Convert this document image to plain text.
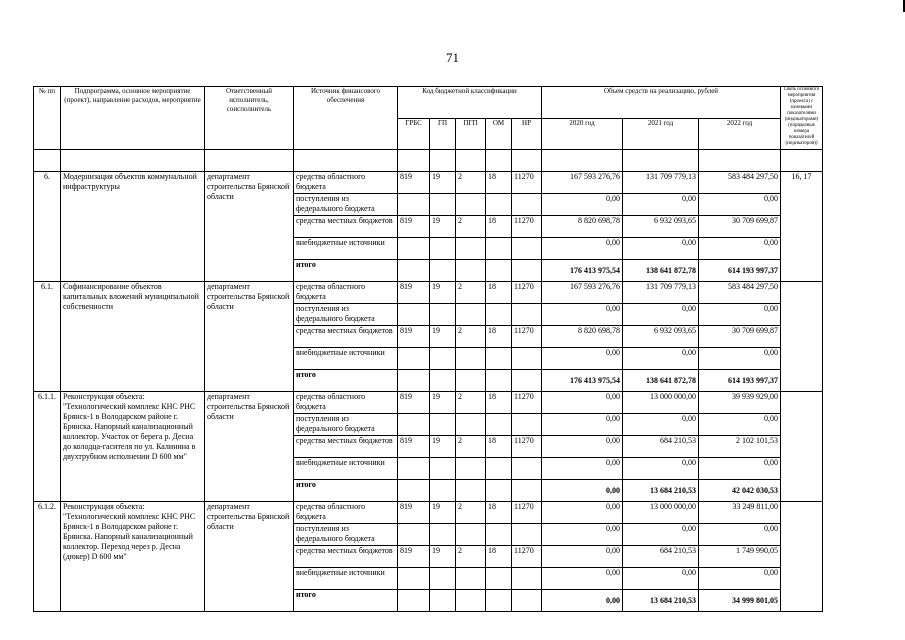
71
№ пп	Подпрограмма, основное мероприятие (проект), направление расходов, мероприятие	Ответственный исполнитель, соисполнитель	Источник финансового обеспечения	Код бюджетной классификации					Объем средств на реализацию, рублей			Связь основного мероприятия (проекта) с целевыми показателями (индикаторами) (порядковые номера показателей (индикаторов))
				ГРБС	ГП	ПГП	ОМ	НР	2020 год	2021 год	2022 год	

6.	Модернизация объектов коммунальной инфраструктуры	департамент строительства Брянской области	средства областного бюджета	819	19	2	18	11270	167 593 276,76	131 709 779,13	583 484 297,50	16, 17
			поступления из федерального бюджета						0,00	0,00	0,00	
			средства местных бюджетов	819	19	2	18	11270	8 820 698,78	6 932 093,65	30 709 699,87	
			внебюджетные источники						0,00	0,00	0,00	
			итого						176 413 975,54	138 641 872,78	614 193 997,37	
6.1.	Софинансирование объектов капитальных вложений муниципальной собственности	департамент строительства Брянской области	средства областного бюджета	819	19	2	18	11270	167 593 276,76	131 709 779,13	583 484 297,50	
			поступления из федерального бюджета						0,00	0,00	0,00	
			средства местных бюджетов	819	19	2	18	11270	8 820 698,78	6 932 093,65	30 709 699,87	
			внебюджетные источники						0,00	0,00	0,00	
			итого						176 413 975,54	138 641 872,78	614 193 997,37	
6.1.1.	Реконструкция объекта: "Технологический комплекс КНС РНС Брянск-1 в Володарском районе г. Брянска. Напорный канализационный коллектор. Участок от берега р. Десна до колодца-гасителя по ул. Калинина в двухтрубном исполнении D 600 мм"	департамент строительства Брянской области	средства областного бюджета	819	19	2	18	11270	0,00	13 000 000,00	39 939 929,00	
			поступления из федерального бюджета						0,00	0,00	0,00	
			средства местных бюджетов	819	19	2	18	11270	0,00	684 210,53	2 102 101,53	
			внебюджетные источники						0,00	0,00	0,00	
			итого						0,00	13 684 210,53	42 042 030,53	
6.1.2.	Реконструкция объекта: "Технологический комплекс КНС РНС Брянск-1 в Володарском районе г. Брянска. Напорный канализационный коллектор. Переход через р. Десна (дюкер) D 600 мм"	департамент строительства Брянской области	средства областного бюджета	819	19	2	18	11270	0,00	13 000 000,00	33 249 811,00	
			поступления из федерального бюджета						0,00	0,00	0,00	
			средства местных бюджетов	819	19	2	18	11270	0,00	684 210,53	1 749 990,05	
			внебюджетные источники						0,00	0,00	0,00	
			итого						0,00	13 684 210,53	34 999 801,05	
